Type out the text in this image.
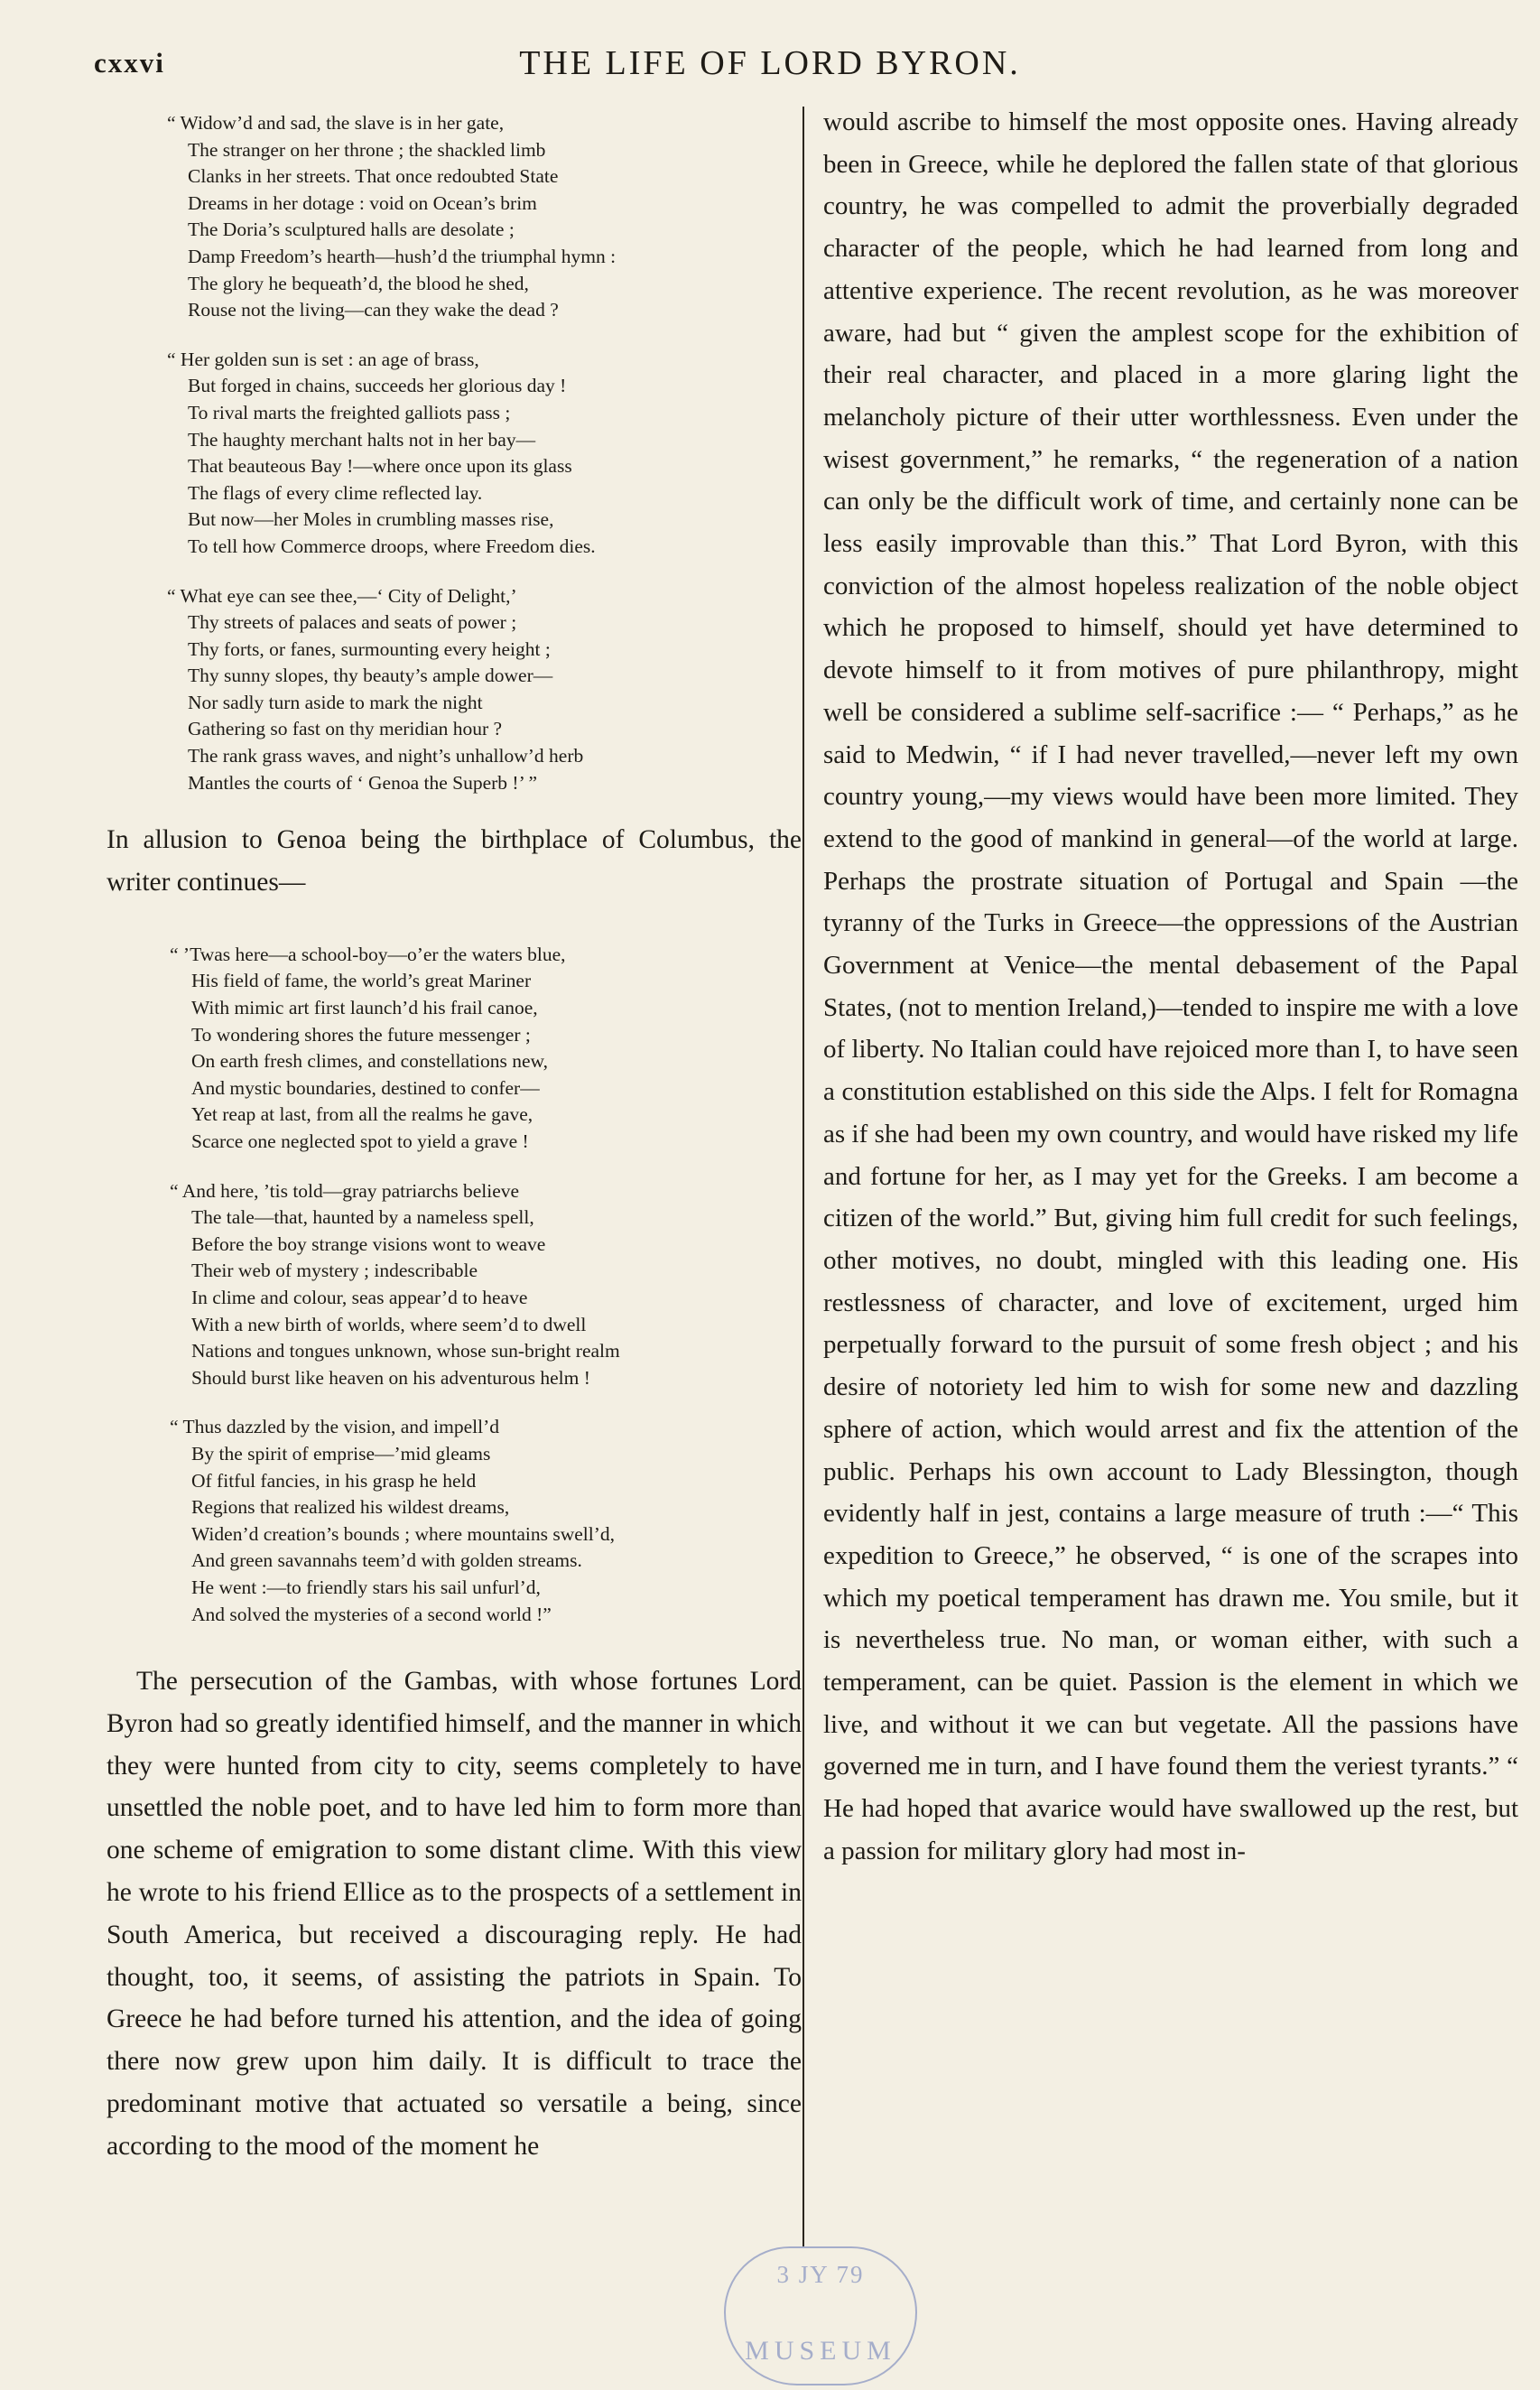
cxxvi	THE LIFE OF LORD BYRON.
“ Widow’d and sad, the slave is in her gate,
The stranger on her throne ; the shackled limb
Clanks in her streets. That once redoubted State
Dreams in her dotage : void on Ocean’s brim
The Doria’s sculptured halls are desolate ;
Damp Freedom’s hearth—hush’d the triumphal hymn :
The glory he bequeath’d, the blood he shed,
Rouse not the living—can they wake the dead ?
“ Her golden sun is set : an age of brass,
But forged in chains, succeeds her glorious day !
To rival marts the freighted galliots pass ;
The haughty merchant halts not in her bay—
That beauteous Bay !—where once upon its glass
The flags of every clime reflected lay.
But now—her Moles in crumbling masses rise,
To tell how Commerce droops, where Freedom dies.
“ What eye can see thee,—‘ City of Delight,’
Thy streets of palaces and seats of power ;
Thy forts, or fanes, surmounting every height ;
Thy sunny slopes, thy beauty’s ample dower—
Nor sadly turn aside to mark the night
Gathering so fast on thy meridian hour ?
The rank grass waves, and night’s unhallow’d herb
Mantles the courts of ‘ Genoa the Superb !’ ”

In allusion to Genoa being the birthplace of Columbus, the writer continues—

“ ’Twas here—a school-boy—o’er the waters blue,
His field of fame, the world’s great Mariner
With mimic art first launch’d his frail canoe,
To wondering shores the future messenger ;
On earth fresh climes, and constellations new,
And mystic boundaries, destined to confer—
Yet reap at last, from all the realms he gave,
Scarce one neglected spot to yield a grave !
“ And here, ’tis told—gray patriarchs believe
The tale—that, haunted by a nameless spell,
Before the boy strange visions wont to weave
Their web of mystery ; indescribable
In clime and colour, seas appear’d to heave
With a new birth of worlds, where seem’d to dwell
Nations and tongues unknown, whose sun-bright realm
Should burst like heaven on his adventurous helm !
“ Thus dazzled by the vision, and impell’d
By the spirit of emprise—’mid gleams
Of fitful fancies, in his grasp he held
Regions that realized his wildest dreams,
Widen’d creation’s bounds ; where mountains swell’d,
And green savannahs teem’d with golden streams.
He went :—to friendly stars his sail unfurl’d,
And solved the mysteries of a second world !”

The persecution of the Gambas, with whose fortunes Lord Byron had so greatly identified himself, and the manner in which they were hunted from city to city, seems completely to have unsettled the noble poet, and to have led him to form more than one scheme of emigration to some distant clime. With this view he wrote to his friend Ellice as to the prospects of a settlement in South America, but received a discouraging reply. He had thought, too, it seems, of assisting the patriots in Spain. To Greece he had before turned his attention, and the idea of going there now grew upon him daily. It is difficult to trace the predominant motive that actuated so versatile a being, since according to the mood of the moment he

would ascribe to himself the most opposite ones. Having already been in Greece, while he deplored the fallen state of that glorious country, he was compelled to admit the proverbially degraded character of the people, which he had learned from long and attentive experience. The recent revolution, as he was moreover aware, had but “ given the amplest scope for the exhibition of their real character, and placed in a more glaring light the melancholy picture of their utter worthlessness. Even under the wisest government,” he remarks, “ the regeneration of a nation can only be the difficult work of time, and certainly none can be less easily improvable than this.” That Lord Byron, with this conviction of the almost hopeless realization of the noble object which he proposed to himself, should yet have determined to devote himself to it from motives of pure philanthropy, might well be considered a sublime self-sacrifice :— “ Perhaps,” as he said to Medwin, “ if I had never travelled,—never left my own country young,—my views would have been more limited. They extend to the good of mankind in general—of the world at large. Perhaps the prostrate situation of Portugal and Spain —the tyranny of the Turks in Greece—the oppressions of the Austrian Government at Venice—the mental debasement of the Papal States, (not to mention Ireland,)—tended to inspire me with a love of liberty. No Italian could have rejoiced more than I, to have seen a constitution established on this side the Alps. I felt for Romagna as if she had been my own country, and would have risked my life and fortune for her, as I may yet for the Greeks. I am become a citizen of the world.” But, giving him full credit for such feelings, other motives, no doubt, mingled with this leading one. His restlessness of character, and love of excitement, urged him perpetually forward to the pursuit of some fresh object ; and his desire of notoriety led him to wish for some new and dazzling sphere of action, which would arrest and fix the attention of the public. Perhaps his own account to Lady Blessington, though evidently half in jest, contains a large measure of truth :—“ This expedition to Greece,” he observed, “ is one of the scrapes into which my poetical temperament has drawn me. You smile, but it is nevertheless true. No man, or woman either, with such a temperament, can be quiet. Passion is the element in which we live, and without it we can but vegetate. All the passions have governed me in turn, and I have found them the veriest tyrants.” “ He had hoped that avarice would have swallowed up the rest, but a passion for military glory had most in-

3 JY 79
MUSEUM
